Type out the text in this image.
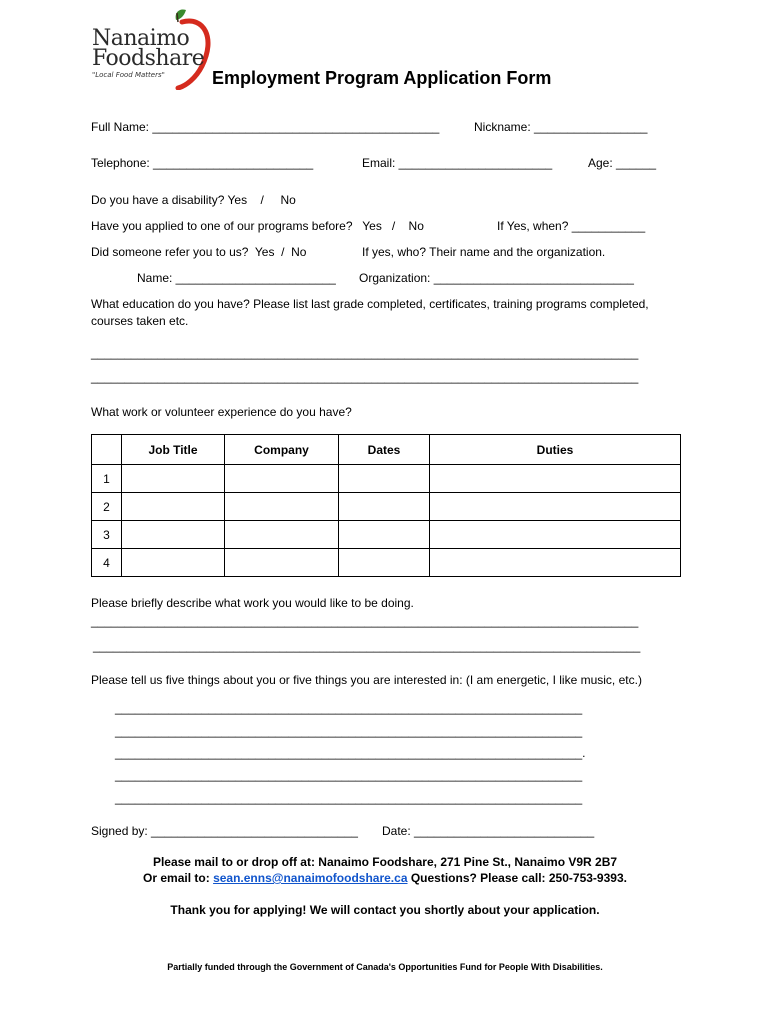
Nanaimo
Foodshare
"Local Food Matters"	Employment Program Application Form
Full Name: ___________________________________________	Nickname: _________________
Telephone: ________________________	Email: _______________________	Age: ______
Do you have a disability? Yes    /     No
Have you applied to one of our programs before?   Yes   /    No	If Yes, when? ___________
Did someone refer you to us?  Yes  /  No	If yes, who? Their name and the organization.
Name: ________________________ Organization: ______________________________
What education do you have? Please list last grade completed, certificates, training programs completed,
courses taken etc.
__________________________________________________________________________________
__________________________________________________________________________________
What work or volunteer experience do you have?
	Job Title	Company	Dates	Duties
1				
2				
3				
4				
Please briefly describe what work you would like to be doing.
__________________________________________________________________________________
__________________________________________________________________________________
Please tell us five things about you or five things you are interested in: (I am energetic, I like music, etc.)
______________________________________________________________________
______________________________________________________________________
______________________________________________________________________.
______________________________________________________________________
______________________________________________________________________
Signed by: _______________________________ Date: ___________________________
Please mail to or drop off at: Nanaimo Foodshare, 271 Pine St., Nanaimo V9R 2B7
Or email to: sean.enns@nanaimofoodshare.ca Questions? Please call: 250-753-9393.
Thank you for applying! We will contact you shortly about your application.
Partially funded through the Government of Canada's Opportunities Fund for People With Disabilities.
